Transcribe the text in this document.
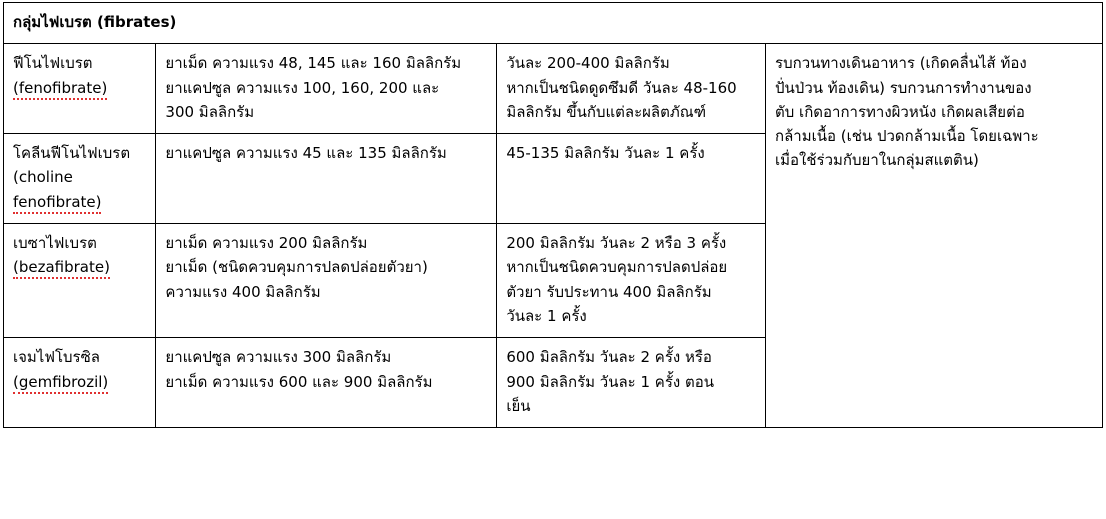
กลุ่มไฟเบรต (fibrates)			

ฟีโนไฟเบรต
(fenofibrate)	ยาเม็ด ความแรง 48, 145 และ 160 มิลลิกรัม
ยาแคปซูล ความแรง 100, 160, 200 และ
300 มิลลิกรัม	วันละ 200-400 มิลลิกรัม
หากเป็นชนิดดูดซึมดี วันละ 48-160
มิลลิกรัม ขึ้นกับแต่ละผลิตภัณฑ์	รบกวนทางเดินอาหาร (เกิดคลื่นไส้ ท้อง
ปั่นป่วน ท้องเดิน) รบกวนการทำงานของ
ตับ เกิดอาการทางผิวหนัง เกิดผลเสียต่อ
กล้ามเนื้อ (เช่น ปวดกล้ามเนื้อ โดยเฉพาะ
เมื่อใช้ร่วมกับยาในกลุ่มสแตติน)

โคลีนฟีโนไฟเบรต
(choline
fenofibrate)	ยาแคปซูล ความแรง 45 และ 135 มิลลิกรัม	45-135 มิลลิกรัม วันละ 1 ครั้ง	

เบซาไฟเบรต
(bezafibrate)	ยาเม็ด ความแรง 200 มิลลิกรัม
ยาเม็ด (ชนิดควบคุมการปลดปล่อยตัวยา)
ความแรง 400 มิลลิกรัม	200 มิลลิกรัม วันละ 2 หรือ 3 ครั้ง
หากเป็นชนิดควบคุมการปลดปล่อย
ตัวยา รับประทาน 400 มิลลิกรัม
วันละ 1 ครั้ง	

เจมไฟโบรซิล
(gemfibrozil)	ยาแคปซูล ความแรง 300 มิลลิกรัม
ยาเม็ด ความแรง 600 และ 900 มิลลิกรัม	600 มิลลิกรัม วันละ 2 ครั้ง หรือ
900 มิลลิกรัม วันละ 1 ครั้ง ตอน
เย็น	
